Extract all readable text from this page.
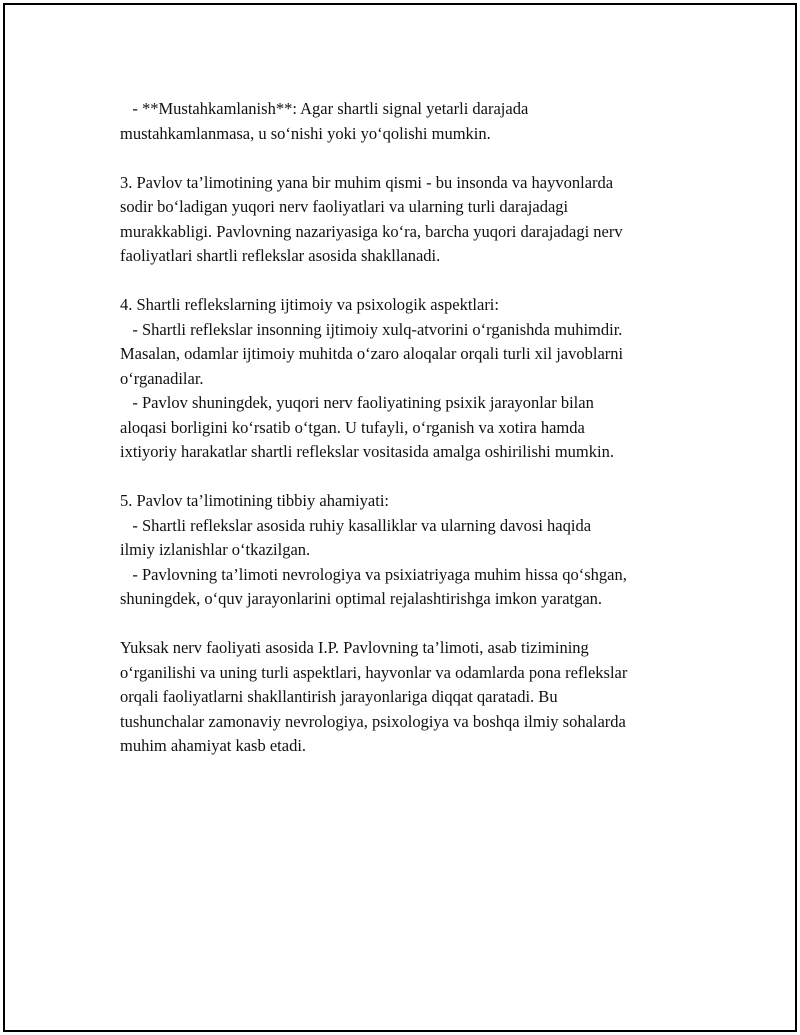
- **Mustahkamlanish**: Agar shartli signal yetarli darajada
mustahkamlanmasa, u so‘nishi yoki yo‘qolishi mumkin.

3. Pavlov ta’limotining yana bir muhim qismi - bu insonda va hayvonlarda
sodir bo‘ladigan yuqori nerv faoliyatlari va ularning turli darajadagi
murakkabligi. Pavlovning nazariyasiga ko‘ra, barcha yuqori darajadagi nerv
faoliyatlari shartli reflekslar asosida shakllanadi.

4. Shartli reflekslarning ijtimoiy va psixologik aspektlari:
- Shartli reflekslar insonning ijtimoiy xulq-atvorini o‘rganishda muhimdir.
Masalan, odamlar ijtimoiy muhitda o‘zaro aloqalar orqali turli xil javoblarni
o‘rganadilar.
- Pavlov shuningdek, yuqori nerv faoliyatining psixik jarayonlar bilan
aloqasi borligini ko‘rsatib o‘tgan. U tufayli, o‘rganish va xotira hamda
ixtiyoriy harakatlar shartli reflekslar vositasida amalga oshirilishi mumkin.

5. Pavlov ta’limotining tibbiy ahamiyati:
- Shartli reflekslar asosida ruhiy kasalliklar va ularning davosi haqida
ilmiy izlanishlar o‘tkazilgan.
- Pavlovning ta’limoti nevrologiya va psixiatriyaga muhim hissa qo‘shgan,
shuningdek, o‘quv jarayonlarini optimal rejalashtirishga imkon yaratgan.

Yuksak nerv faoliyati asosida I.P. Pavlovning ta’limoti, asab tizimining
o‘rganilishi va uning turli aspektlari, hayvonlar va odamlarda pona reflekslar
orqali faoliyatlarni shakllantirish jarayonlariga diqqat qaratadi. Bu
tushunchalar zamonaviy nevrologiya, psixologiya va boshqa ilmiy sohalarda
muhim ahamiyat kasb etadi.
